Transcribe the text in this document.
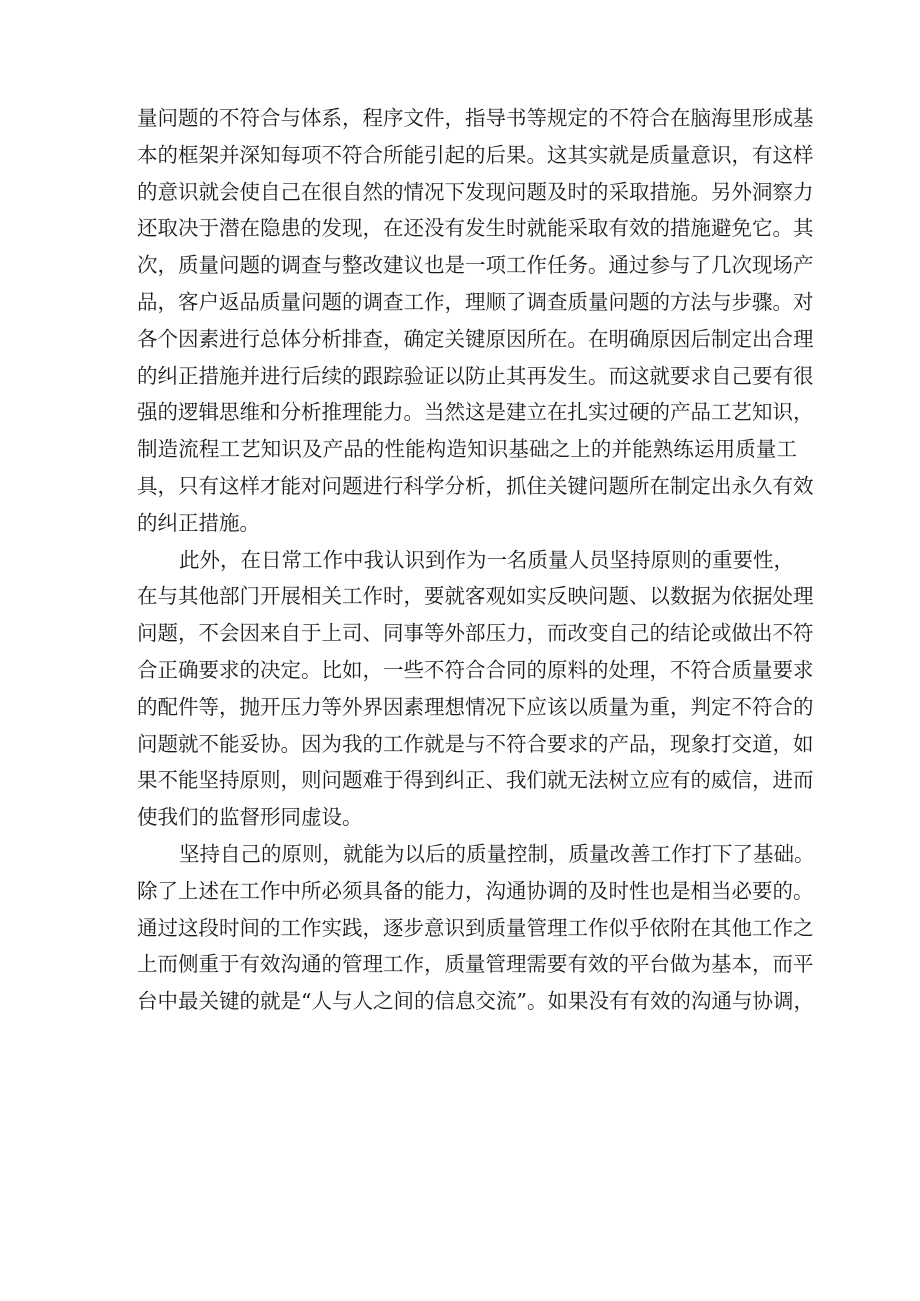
量问题的不符合与体系，程序文件，指导书等规定的不符合在脑海里形成基
本的框架并深知每项不符合所能引起的后果。这其实就是质量意识，有这样
的意识就会使自己在很自然的情况下发现问题及时的采取措施。另外洞察力
还取决于潜在隐患的发现，在还没有发生时就能采取有效的措施避免它。其
次，质量问题的调查与整改建议也是一项工作任务。通过参与了几次现场产
品，客户返品质量问题的调查工作，理顺了调查质量问题的方法与步骤。对
各个因素进行总体分析排查，确定关键原因所在。在明确原因后制定出合理
的纠正措施并进行后续的跟踪验证以防止其再发生。而这就要求自己要有很
强的逻辑思维和分析推理能力。当然这是建立在扎实过硬的产品工艺知识，
制造流程工艺知识及产品的性能构造知识基础之上的并能熟练运用质量工
具，只有这样才能对问题进行科学分析，抓住关键问题所在制定出永久有效
的纠正措施。
此外，在日常工作中我认识到作为一名质量人员坚持原则的重要性，
在与其他部门开展相关工作时，要就客观如实反映问题、以数据为依据处理
问题，不会因来自于上司、同事等外部压力，而改变自己的结论或做出不符
合正确要求的决定。比如，一些不符合合同的原料的处理，不符合质量要求
的配件等，抛开压力等外界因素理想情况下应该以质量为重，判定不符合的
问题就不能妥协。因为我的工作就是与不符合要求的产品，现象打交道，如
果不能坚持原则，则问题难于得到纠正、我们就无法树立应有的威信，进而
使我们的监督形同虚设。
坚持自己的原则，就能为以后的质量控制，质量改善工作打下了基础。
除了上述在工作中所必须具备的能力，沟通协调的及时性也是相当必要的。
通过这段时间的工作实践，逐步意识到质量管理工作似乎依附在其他工作之
上而侧重于有效沟通的管理工作，质量管理需要有效的平台做为基本，而平
台中最关键的就是“人与人之间的信息交流”。如果没有有效的沟通与协调，
